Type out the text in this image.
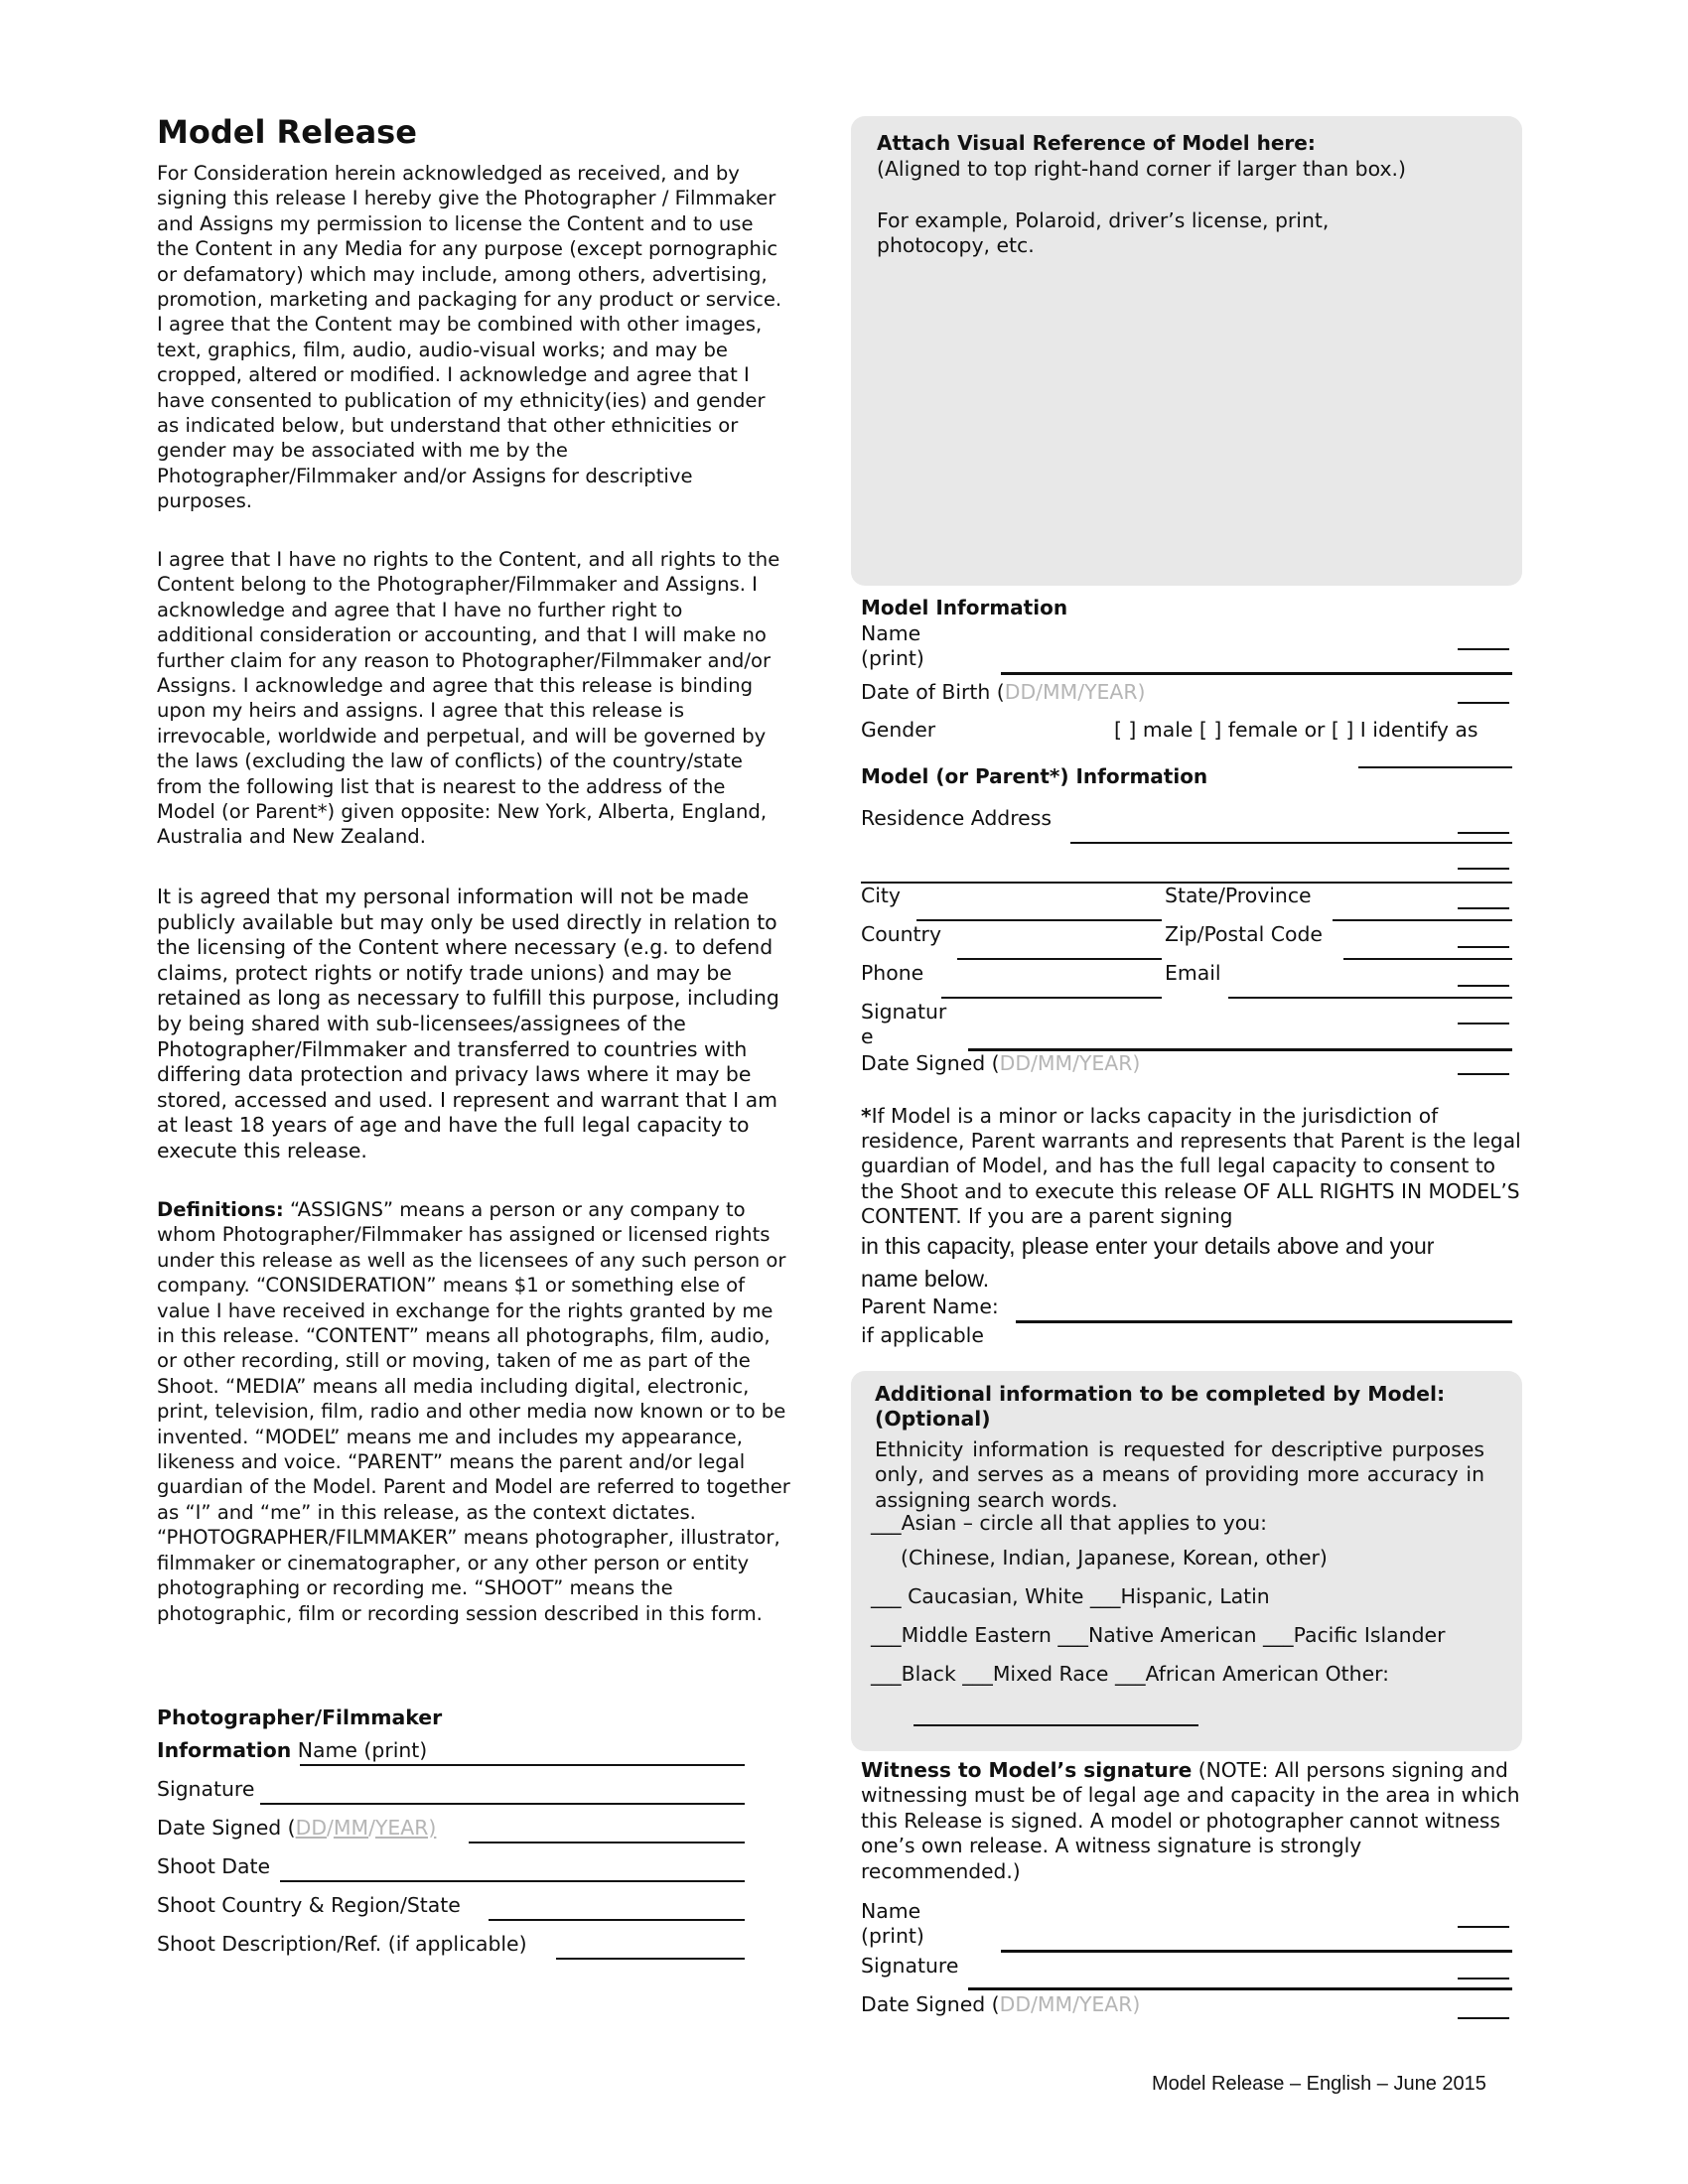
Model Release

For Consideration herein acknowledged as received, and by signing this release I hereby give the Photographer / Filmmaker and Assigns my permission to license the Content and to use the Content in any Media for any purpose (except pornographic or defamatory) which may include, among others, advertising, promotion, marketing and packaging for any product or service. I agree that the Content may be combined with other images, text, graphics, film, audio, audio-visual works; and may be cropped, altered or modified. I acknowledge and agree that I have consented to publication of my ethnicity(ies) and gender as indicated below, but understand that other ethnicities or gender may be associated with me by the Photographer/Filmmaker and/or Assigns for descriptive purposes.

I agree that I have no rights to the Content, and all rights to the Content belong to the Photographer/Filmmaker and Assigns. I acknowledge and agree that I have no further right to additional consideration or accounting, and that I will make no further claim for any reason to Photographer/Filmmaker and/or Assigns. I acknowledge and agree that this release is binding upon my heirs and assigns. I agree that this release is irrevocable, worldwide and perpetual, and will be governed by the laws (excluding the law of conflicts) of the country/state from the following list that is nearest to the address of the Model (or Parent*) given opposite: New York, Alberta, England, Australia and New Zealand.

It is agreed that my personal information will not be made publicly available but may only be used directly in relation to the licensing of the Content where necessary (e.g. to defend claims, protect rights or notify trade unions) and may be retained as long as necessary to fulfill this purpose, including by being shared with sub-licensees/assignees of the Photographer/Filmmaker and transferred to countries with differing data protection and privacy laws where it may be stored, accessed and used. I represent and warrant that I am at least 18 years of age and have the full legal capacity to execute this release.

Definitions: “ASSIGNS” means a person or any company to whom Photographer/Filmmaker has assigned or licensed rights under this release as well as the licensees of any such person or company. “CONSIDERATION” means $1 or something else of value I have received in exchange for the rights granted by me in this release. “CONTENT” means all photographs, film, audio, or other recording, still or moving, taken of me as part of the Shoot. “MEDIA” means all media including digital, electronic, print, television, film, radio and other media now known or to be invented. “MODEL” means me and includes my appearance, likeness and voice. “PARENT” means the parent and/or legal guardian of the Model. Parent and Model are referred to together as “I” and “me” in this release, as the context dictates. “PHOTOGRAPHER/FILMMAKER” means photographer, illustrator, filmmaker or cinematographer, or any other person or entity photographing or recording me. “SHOOT” means the photographic, film or recording session described in this form.

Photographer/Filmmaker
Information Name (print)
Signature
Date Signed (DD/MM/YEAR)
Shoot Date
Shoot Country & Region/State
Shoot Description/Ref. (if applicable)
Attach Visual Reference of Model here:
(Aligned to top right-hand corner if larger than box.)
For example, Polaroid, driver’s license, print,
photocopy, etc.
Model Information
Name
(print)
Date of Birth (DD/MM/YEAR)
Gender	[ ] male [ ] female or [ ] I identify as
Model (or Parent*) Information
Residence Address
City	State/Province
Country	Zip/Postal Code
Phone	Email
Signatur
e
Date Signed (DD/MM/YEAR)

*If Model is a minor or lacks capacity in the jurisdiction of residence, Parent warrants and represents that Parent is the legal guardian of Model, and has the full legal capacity to consent to the Shoot and to execute this release OF ALL RIGHTS IN MODEL’S CONTENT. If you are a parent signing

in this capacity, please enter your details above and your
name below.
Parent Name:
if applicable
Additional information to be completed by Model:
(Optional)

Ethnicity information is requested for descriptive purposes only, and serves as a means of providing more accuracy in assigning search words.

___Asian – circle all that applies to you:
(Chinese, Indian, Japanese, Korean, other)
___ Caucasian, White ___Hispanic, Latin
___Middle Eastern ___Native American ___Pacific Islander
___Black ___Mixed Race ___African American Other:

Witness to Model’s signature (NOTE: All persons signing and witnessing must be of legal age and capacity in the area in which this Release is signed. A model or photographer cannot witness one’s own release. A witness signature is strongly recommended.)

Name
(print)
Signature
Date Signed (DD/MM/YEAR)
Model Release – English – June 2015
